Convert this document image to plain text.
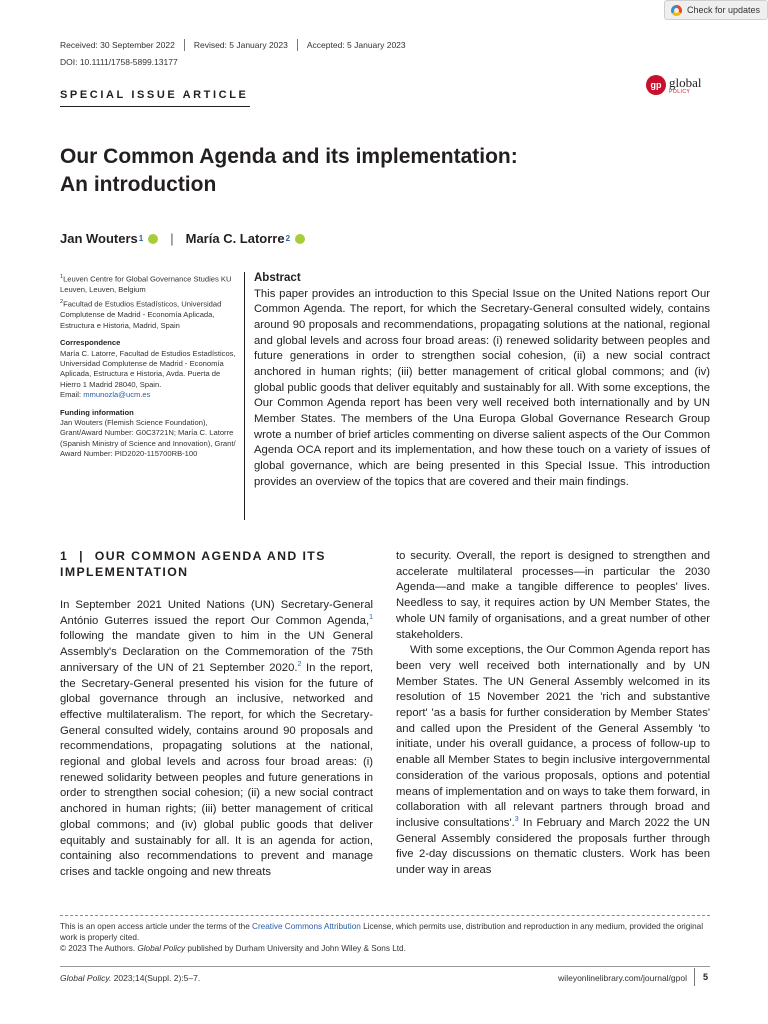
Check for updates
Received: 30 September 2022	Revised: 5 January 2023	Accepted: 5 January 2023
DOI: 10.1111/1758-5899.13177
SPECIAL ISSUE ARTICLE
gp global
POLICY
Our Common Agenda and its implementation:
An introduction
Jan Wouters 1 | María C. Latorre 2

$^1$Leuven Centre for Global Governance Studies KU Leuven, Leuven, Belgium

$^2$Facultad de Estudios Estadísticos, Universidad Complutense de Madrid - Economía Aplicada, Estructura e Historia, Madrid, Spain

Correspondence

María C. Latorre, Facultad de Estudios Estadísticos, Universidad Complutense de Madrid - Economía Aplicada, Estructura e Historia, Avda. Puerta de Hierro 1 Madrid 28040, Spain.

Email: mmunozla@ucm.es

Funding information

Jan Wouters (Flemish Science Foundation), Grant/Award Number: G0C3721N; María C. Latorre (Spanish Ministry of Science and Innovation), Grant/ Award Number: PID2020-115700RB-100

Abstract

This paper provides an introduction to this Special Issue on the United Nations report Our Common Agenda. The report, for which the Secretary-General consulted widely, contains around 90 proposals and recommendations, propagating solutions at the national, regional and global levels and across four broad areas: (i) renewed solidarity between peoples and future generations in order to strengthen social cohesion, (ii) a new social contract anchored in human rights; (iii) better management of critical global commons; and (iv) global public goods that deliver equitably and sustainably for all. With some exceptions, the Our Common Agenda report has been very well received both internationally and by UN Member States. The members of the Una Europa Global Governance Research Group wrote a number of brief articles commenting on diverse salient aspects of the Our Common Agenda OCA report and its implementation, and how these touch on a variety of issues of global governance, which are being presented in this Special Issue. This introduction provides an overview of the topics that are covered and their main findings.

1 | OUR COMMON AGENDA AND ITS IMPLEMENTATION

In September 2021 United Nations (UN) Secretary-General António Guterres issued the report Our Common Agenda,$^1$ following the mandate given to him in the UN General Assembly's Declaration on the Commemoration of the 75th anniversary of the UN of 21 September 2020.$^2$ In the report, the Secretary-General presented his vision for the future of global governance through an inclusive, networked and effective multilateralism. The report, for which the Secretary-General consulted widely, contains around 90 proposals and recommendations, propagating solutions at the national, regional and global levels and across four broad areas: (i) renewed solidarity between peoples and future generations in order to strengthen social cohesion; (ii) a new social contract anchored in human rights; (iii) better management of critical global commons; and (iv) global public goods that deliver equitably and sustainably for all. It is an agenda for action, containing also recommendations to prevent and manage crises and tackle ongoing and new threats

to security. Overall, the report is designed to strengthen and accelerate multilateral processes—in particular the 2030 Agenda—and make a tangible difference to peoples' lives. Needless to say, it requires action by UN Member States, the whole UN family of organisations, and a great number of other stakeholders.

With some exceptions, the Our Common Agenda report has been very well received both internationally and by UN Member States. The UN General Assembly welcomed in its resolution of 15 November 2021 the 'rich and substantive report' 'as a basis for further consideration by Member States' and called upon the President of the General Assembly 'to initiate, under his overall guidance, a process of follow-up to enable all Member States to begin inclusive intergovernmental consideration of the various proposals, options and potential means of implementation and on ways to take them forward, in collaboration with all relevant partners through broad and inclusive consultations'.$^3$ In February and March 2022 the UN General Assembly considered the proposals further through five 2-day discussions on thematic clusters. Work has been under way in areas

This is an open access article under the terms of the Creative Commons Attribution License, which permits use, distribution and reproduction in any medium, provided the original work is properly cited.

© 2023 The Authors. Global Policy published by Durham University and John Wiley & Sons Ltd.

Global Policy. 2023;14(Suppl. 2):5–7.	wileyonlinelibrary.com/journal/gpol 5
